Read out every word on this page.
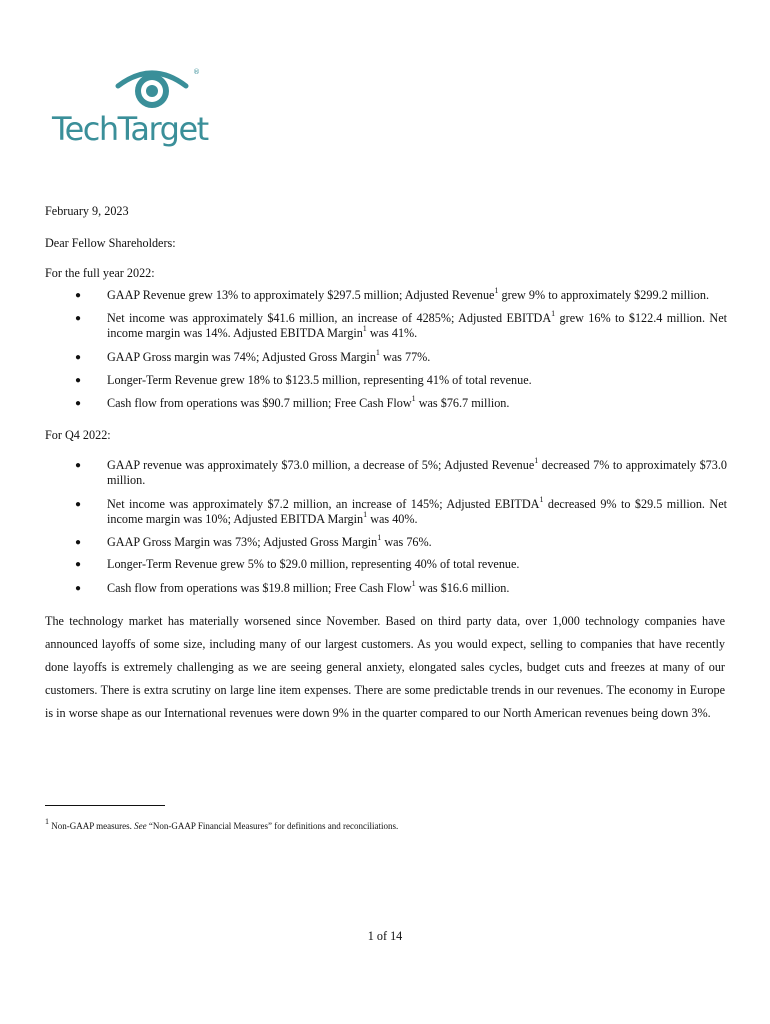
®
TechTarget
February 9, 2023
Dear Fellow Shareholders:
For the full year 2022:
● GAAP Revenue grew 13% to approximately $297.5 million; Adjusted Revenue$^1$ grew 9% to approximately $299.2 million.
● Net income was approximately $41.6 million, an increase of 4285%; Adjusted EBITDA$^1$ grew 16% to $122.4 million. Net income margin was 14%. Adjusted EBITDA Margin$^1$ was 41%.
● GAAP Gross margin was 74%; Adjusted Gross Margin$^1$ was 77%.
● Longer-Term Revenue grew 18% to $123.5 million, representing 41% of total revenue.
● Cash flow from operations was $90.7 million; Free Cash Flow$^1$ was $76.7 million.
For Q4 2022:
● GAAP revenue was approximately $73.0 million, a decrease of 5%; Adjusted Revenue$^1$ decreased 7% to approximately $73.0 million.
● Net income was approximately $7.2 million, an increase of 145%; Adjusted EBITDA$^1$ decreased 9% to $29.5 million. Net income margin was 10%; Adjusted EBITDA Margin$^1$ was 40%.
● GAAP Gross Margin was 73%; Adjusted Gross Margin$^1$ was 76%.
● Longer-Term Revenue grew 5% to $29.0 million, representing 40% of total revenue.
● Cash flow from operations was $19.8 million; Free Cash Flow$^1$ was $16.6 million.
The technology market has materially worsened since November. Based on third party data, over 1,000 technology companies have announced layoffs of some size, including many of our largest customers. As you would expect, selling to companies that have recently done layoffs is extremely challenging as we are seeing general anxiety, elongated sales cycles, budget cuts and freezes at many of our customers. There is extra scrutiny on large line item expenses. There are some predictable trends in our revenues. The economy in Europe is in worse shape as our International revenues were down 9% in the quarter compared to our North American revenues being down 3%.
$^1$ Non-GAAP measures. See “Non-GAAP Financial Measures” for definitions and reconciliations.
1 of 14
